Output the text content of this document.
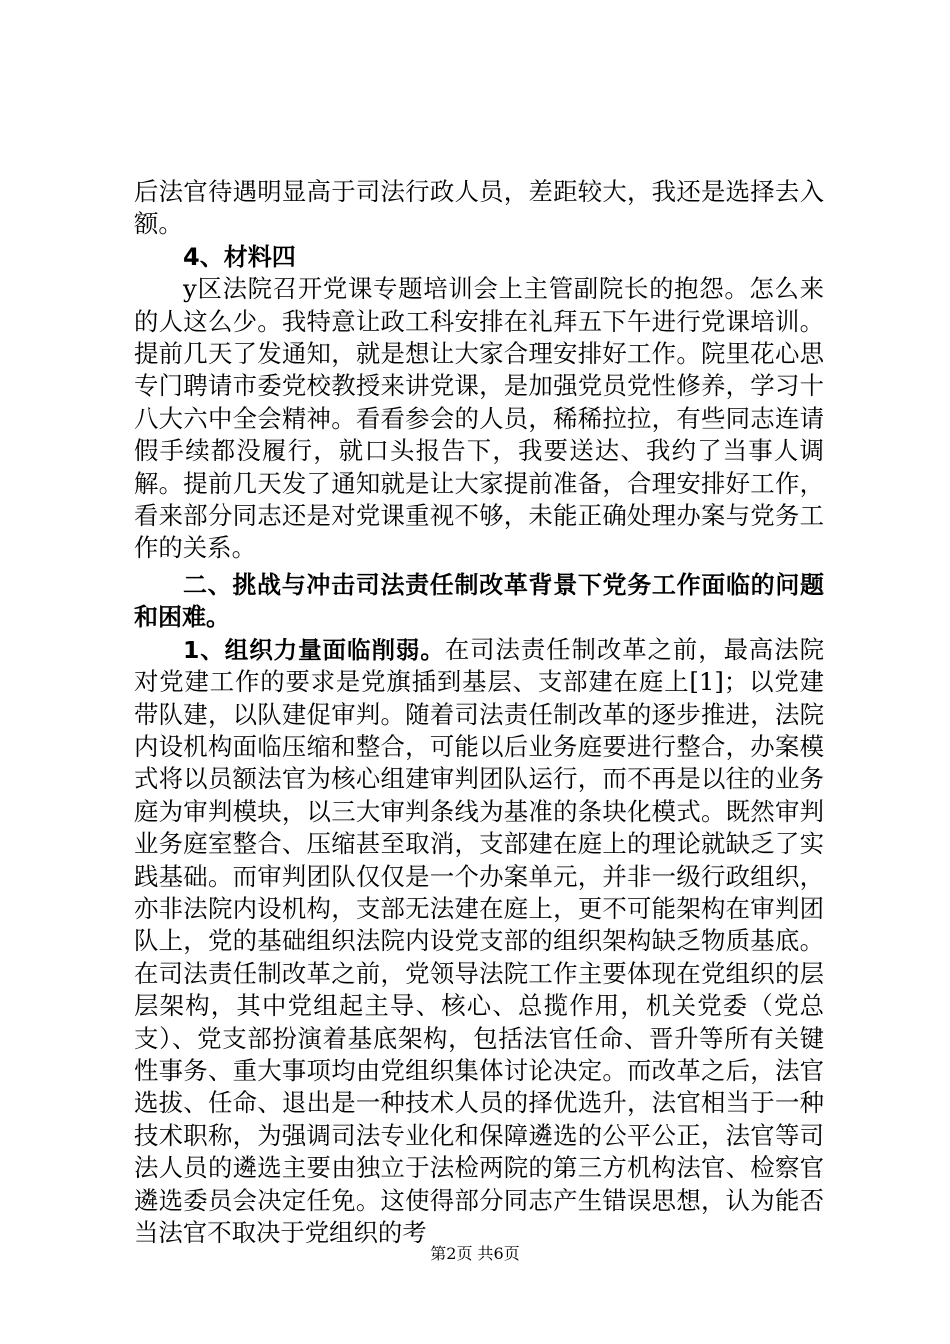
后法官待遇明显高于司法行政人员，差距较大，我还是选择去入额。

4、材料四

y区法院召开党课专题培训会上主管副院长的抱怨。怎么来的人这么少。我特意让政工科安排在礼拜五下午进行党课培训。提前几天了发通知，就是想让大家合理安排好工作。院里花心思专门聘请市委党校教授来讲党课，是加强党员党性修养，学习十八大六中全会精神。看看参会的人员，稀稀拉拉，有些同志连请假手续都没履行，就口头报告下，我要送达、我约了当事人调解。提前几天发了通知就是让大家提前准备，合理安排好工作，看来部分同志还是对党课重视不够，未能正确处理办案与党务工作的关系。

二、挑战与冲击司法责任制改革背景下党务工作面临的问题和困难。

1、组织力量面临削弱。在司法责任制改革之前，最高法院对党建工作的要求是党旗插到基层、支部建在庭上[1]；以党建带队建，以队建促审判。随着司法责任制改革的逐步推进，法院内设机构面临压缩和整合，可能以后业务庭要进行整合，办案模式将以员额法官为核心组建审判团队运行，而不再是以往的业务庭为审判模块，以三大审判条线为基准的条块化模式。既然审判业务庭室整合、压缩甚至取消，支部建在庭上的理论就缺乏了实践基础。而审判团队仅仅是一个办案单元，并非一级行政组织，亦非法院内设机构，支部无法建在庭上，更不可能架构在审判团队上，党的基础组织法院内设党支部的组织架构缺乏物质基底。在司法责任制改革之前，党领导法院工作主要体现在党组织的层层架构，其中党组起主导、核心、总揽作用，机关党委（党总支）、党支部扮演着基底架构，包括法官任命、晋升等所有关键性事务、重大事项均由党组织集体讨论决定。而改革之后，法官选拔、任命、退出是一种技术人员的择优选升，法官相当于一种技术职称，为强调司法专业化和保障遴选的公平公正，法官等司法人员的遴选主要由独立于法检两院的第三方机构法官、检察官遴选委员会决定任免。这使得部分同志产生错误思想，认为能否当法官不取决于党组织的考

第2页 共6页
